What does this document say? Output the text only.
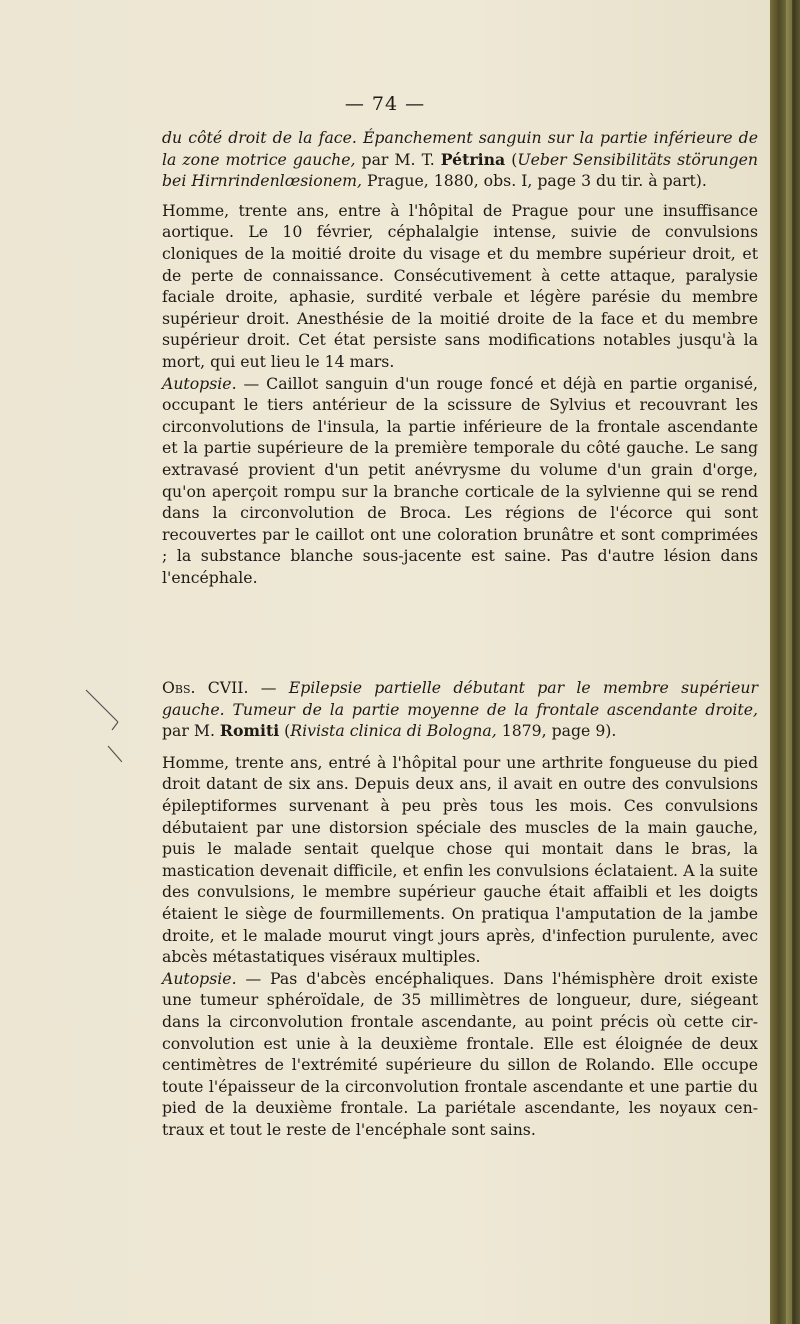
— 74 —

du côté droit de la face. Épanchement sanguin sur la partie inférieure de la zone motrice gauche, par M. T. Pétrina (Ueber Sensibilitäts störungen bei Hirnrindenlœsionem, Prague, 1880, obs. I, page 3 du tir. à part).

Homme, trente ans, entre à l'hôpital de Prague pour une insuffisance aortique. Le 10 février, céphalalgie intense, suivie de convulsions cloniques de la moitié droite du visage et du membre supérieur droit, et de perte de connaissance. Consécutivement à cette attaque, paralysie faciale droite, aphasie, surdité verbale et légère parésie du membre supérieur droit. Anesthésie de la moitié droite de la face et du membre supérieur droit. Cet état persiste sans modifications notables jusqu'à la mort, qui eut lieu le 14 mars.

Autopsie. — Caillot sanguin d'un rouge foncé et déjà en partie organisé, occupant le tiers antérieur de la scissure de Sylvius et recouvrant les circonvolutions de l'insula, la partie inférieure de la frontale ascendante et la partie supérieure de la première temporale du côté gauche. Le sang extravasé provient d'un petit anévrysme du volume d'un grain d'orge, qu'on aperçoit rompu sur la branche corticale de la sylvienne qui se rend dans la circonvolution de Broca. Les régions de l'écorce qui sont recouvertes par le caillot ont une coloration brunâtre et sont comprimées ; la substance blanche sous-jacente est saine. Pas d'autre lésion dans l'encéphale.

Obs. CVII. — Epilepsie partielle débutant par le membre supérieur gauche. Tumeur de la partie moyenne de la frontale ascendante droite, par M. Romiti (Rivista clinica di Bologna, 1879, page 9).

Homme, trente ans, entré à l'hôpital pour une arthrite fongueuse du pied droit datant de six ans. Depuis deux ans, il avait en outre des convulsions épileptiformes survenant à peu près tous les mois. Ces convulsions débutaient par une distorsion spéciale des muscles de la main gauche, puis le malade sentait quelque chose qui montait dans le bras, la mastication devenait difficile, et enfin les convulsions éclataient. A la suite des convulsions, le membre supérieur gauche était affaibli et les doigts étaient le siège de fourmillements. On pratiqua l'amputation de la jambe droite, et le malade mourut vingt jours après, d'infection purulente, avec abcès métastatiques viséraux multiples.

Autopsie. — Pas d'abcès encéphaliques. Dans l'hémisphère droit existe une tumeur sphéroïdale, de 35 millimètres de longueur, dure, siégeant dans la circonvolution frontale ascendante, au point précis où cette circonvolution est unie à la deuxième frontale. Elle est éloignée de deux centimètres de l'extrémité supérieure du sillon de Rolando. Elle occupe toute l'épaisseur de la circonvolution frontale ascendante et une partie du pied de la deuxième frontale. La pariétale ascendante, les noyaux centraux et tout le reste de l'encéphale sont sains.
